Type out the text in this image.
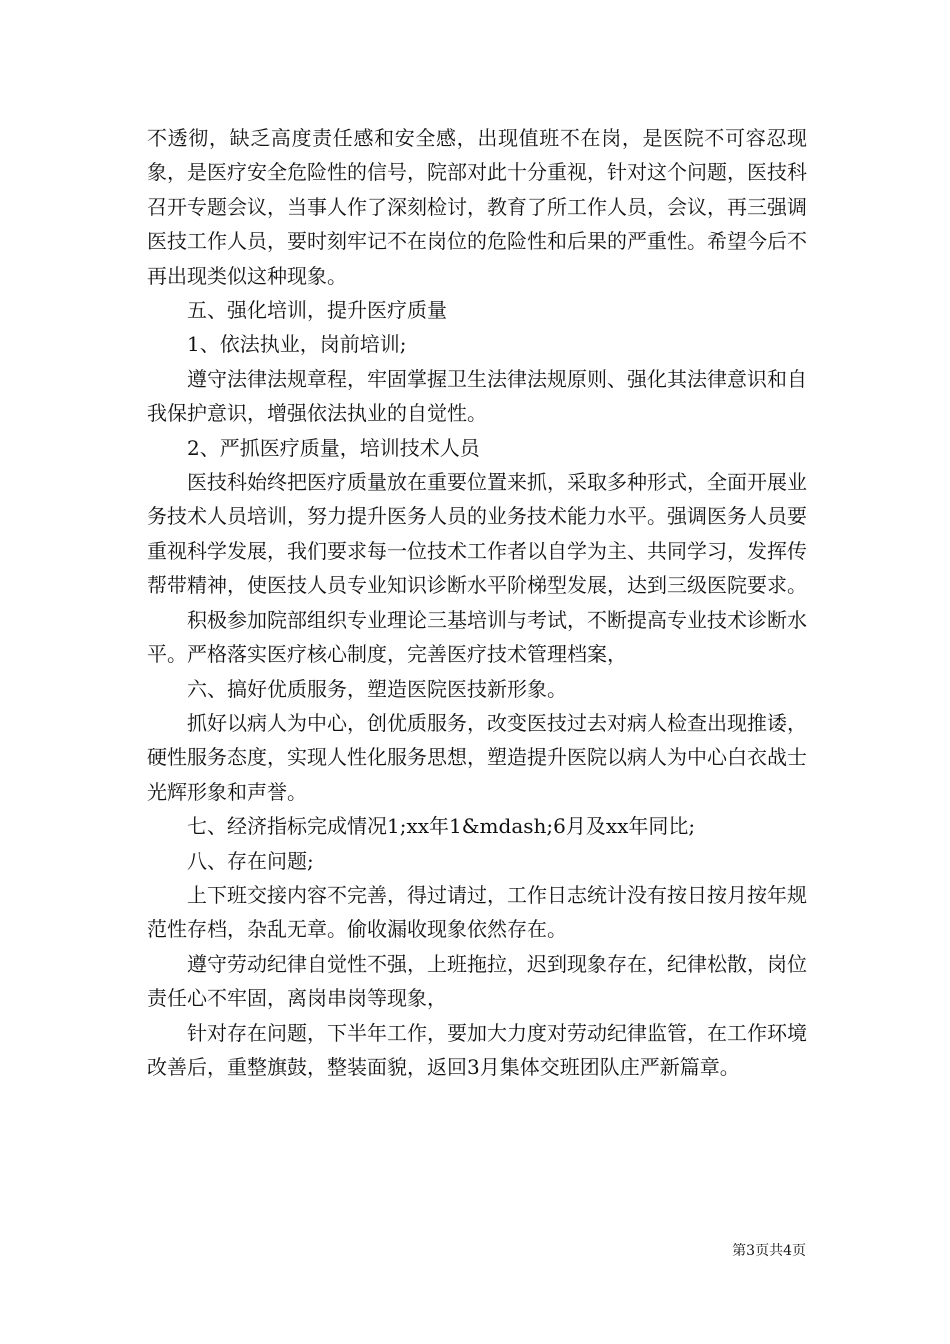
不透彻，缺乏高度责任感和安全感，出现值班不在岗，是医院不可容忍现象，是医疗安全危险性的信号，院部对此十分重视，针对这个问题，医技科召开专题会议，当事人作了深刻检讨，教育了所工作人员，会议，再三强调医技工作人员，要时刻牢记不在岗位的危险性和后果的严重性。希望今后不再出现类似这种现象。

五、强化培训，提升医疗质量

1、依法执业，岗前培训;

遵守法律法规章程，牢固掌握卫生法律法规原则、强化其法律意识和自我保护意识，增强依法执业的自觉性。

2、严抓医疗质量，培训技术人员

医技科始终把医疗质量放在重要位置来抓，采取多种形式，全面开展业务技术人员培训，努力提升医务人员的业务技术能力水平。强调医务人员要重视科学发展，我们要求每一位技术工作者以自学为主、共同学习，发挥传帮带精神，使医技人员专业知识诊断水平阶梯型发展，达到三级医院要求。

积极参加院部组织专业理论三基培训与考试，不断提高专业技术诊断水平。严格落实医疗核心制度，完善医疗技术管理档案，

六、搞好优质服务，塑造医院医技新形象。

抓好以病人为中心，创优质服务，改变医技过去对病人检查出现推诿，硬性服务态度，实现人性化服务思想，塑造提升医院以病人为中心白衣战士光辉形象和声誉。

七、经济指标完成情况1;xx年1&mdash;6月及xx年同比;

八、存在问题;

上下班交接内容不完善，得过请过，工作日志统计没有按日按月按年规范性存档，杂乱无章。偷收漏收现象依然存在。

遵守劳动纪律自觉性不强，上班拖拉，迟到现象存在，纪律松散，岗位责任心不牢固，离岗串岗等现象，

针对存在问题，下半年工作，要加大力度对劳动纪律监管，在工作环境改善后，重整旗鼓，整装面貌，返回3月集体交班团队庄严新篇章。

第3页共4页
